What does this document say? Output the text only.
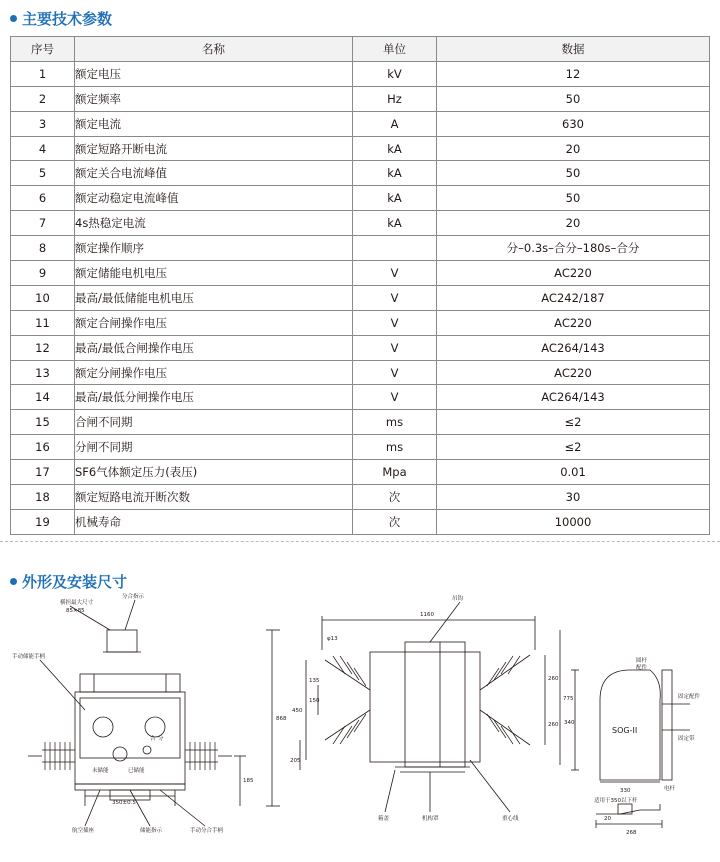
主要技术参数
序号	名称	单位	数据
1	额定电压	kV	12
2	额定频率	Hz	50
3	额定电流	A	630
4	额定短路开断电流	kA	20
5	额定关合电流峰值	kA	50
6	额定动稳定电流峰值	kA	50
7	4s热稳定电流	kA	20
8	额定操作顺序		分–0.3s–合分–180s–合分
9	额定储能电机电压	V	AC220
10	最高/最低储能电机电压	V	AC242/187
11	额定合闸操作电压	V	AC220
12	最高/最低合闸操作电压	V	AC264/143
13	额定分闸操作电压	V	AC220
14	最高/最低分闸操作电压	V	AC264/143
15	合闸不同期	ms	≤2
16	分闸不同期	ms	≤2
17	SF6气体额定压力(表压)	Mpa	0.01
18	额定短路电流开断次数	次	30
19	机械寿命	次	10000
外形及安装尺寸
横担最大尺寸
85×85
分合指示
手动储能手柄
未储能	已储能
合 分
350±0.5
航空插座	储能指示	手动分合手柄
868
185
1160
φ13
吊钩
135
150
450
205
260
260
775
箱盖	机构罩	重心线
圆杆
配件
固定配件
固定带
电杆
340
330
适用于350以下杆
268
20
SOG-II
